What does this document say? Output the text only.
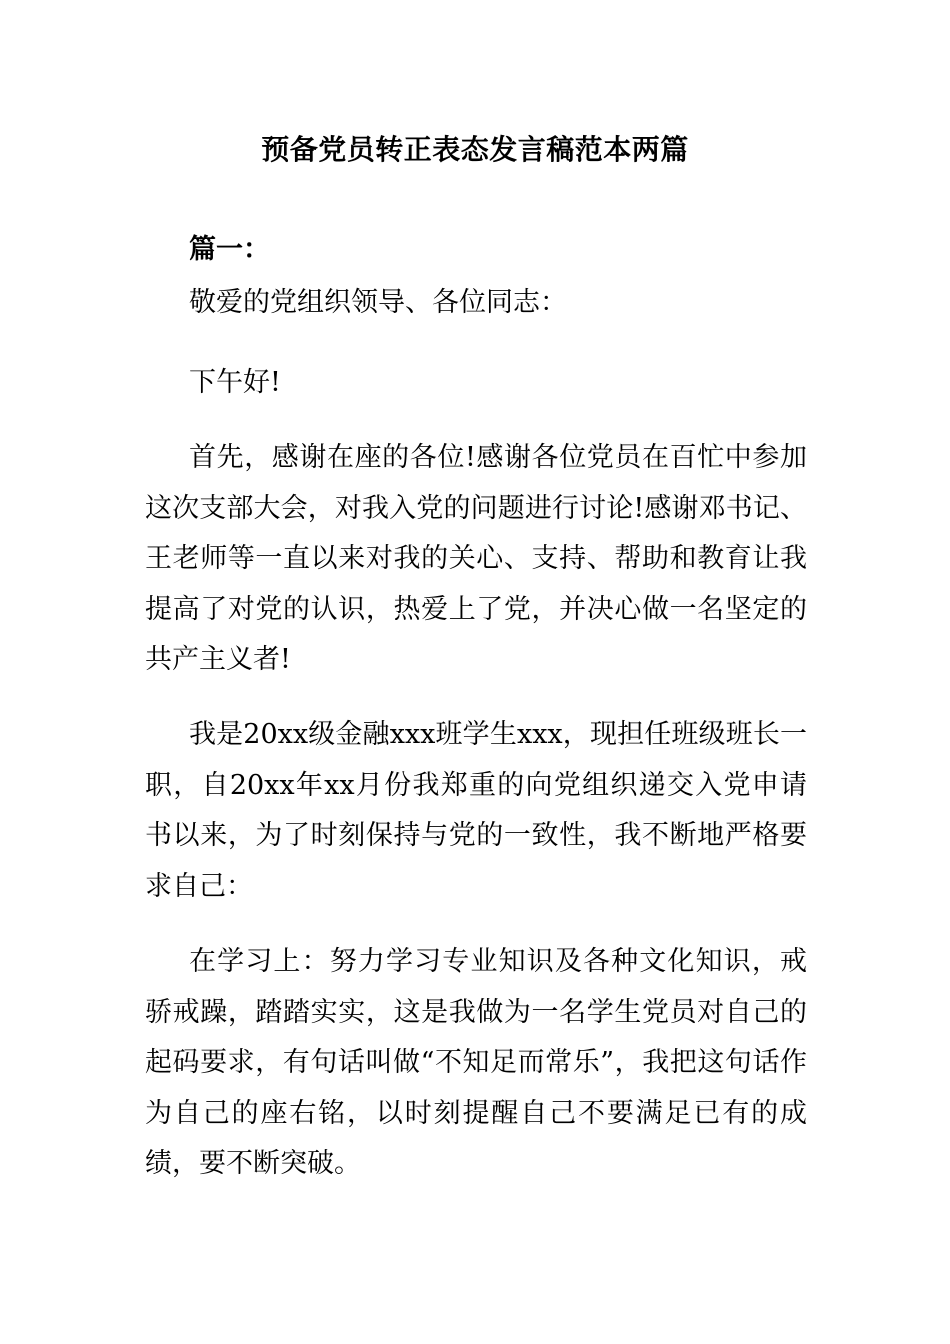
预备党员转正表态发言稿范本两篇
篇一：

敬爱的党组织领导、各位同志：

下午好!

首先，感谢在座的各位!感谢各位党员在百忙中参加这次支部大会，对我入党的问题进行讨论!感谢邓书记、王老师等一直以来对我的关心、支持、帮助和教育让我提高了对党的认识，热爱上了党，并决心做一名坚定的共产主义者!

我是20xx级金融xxx班学生xxx，现担任班级班长一职，自20xx年xx月份我郑重的向党组织递交入党申请书以来，为了时刻保持与党的一致性，我不断地严格要求自己：

在学习上：努力学习专业知识及各种文化知识，戒骄戒躁，踏踏实实，这是我做为一名学生党员对自己的起码要求，有句话叫做“不知足而常乐”，我把这句话作为自己的座右铭，以时刻提醒自己不要满足已有的成绩，要不断突破。
